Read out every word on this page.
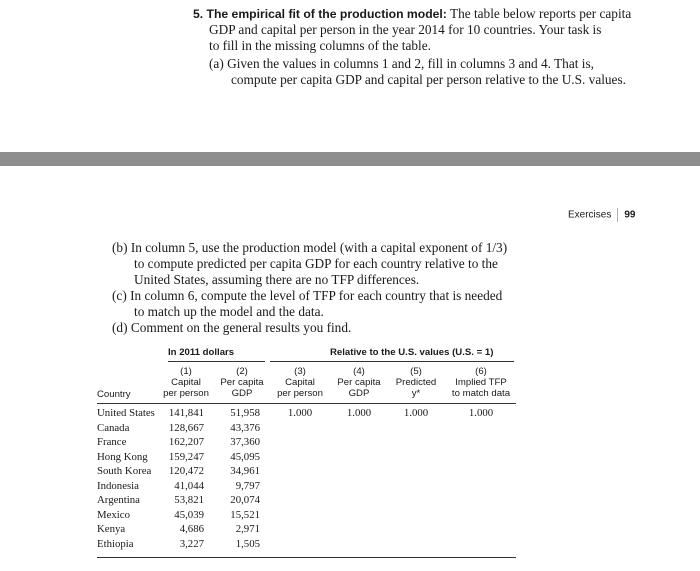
5. The empirical fit of the production model: The table below reports per capita
GDP and capital per person in the year 2014 for 10 countries. Your task is
to fill in the missing columns of the table.
(a) Given the values in columns 1 and 2, fill in columns 3 and 4. That is,
compute per capita GDP and capital per person relative to the U.S. values.
Exercises 99
(b) In column 5, use the production model (with a capital exponent of 1/3)
to compute predicted per capita GDP for each country relative to the
United States, assuming there are no TFP differences.
(c) In column 6, compute the level of TFP for each country that is needed
to match up the model and the data.
(d) Comment on the general results you find.
In 2011 dollars	Relative to the U.S. values (U.S. = 1)
Country
(1)
Capital
per person
(2)
Per capita
GDP
(3)
Capital
per person
(4)
Per capita
GDP
(5)
Predicted
y*
(6)
Implied TFP
to match data
United States	141,841	51,958	1.000	1.000	1.000	1.000
Canada	128,667	43,376
France	162,207	37,360
Hong Kong	159,247	45,095
South Korea	120,472	34,961
Indonesia	41,044	9,797
Argentina	53,821	20,074
Mexico	45,039	15,521
Kenya	4,686	2,971
Ethiopia	3,227	1,505
